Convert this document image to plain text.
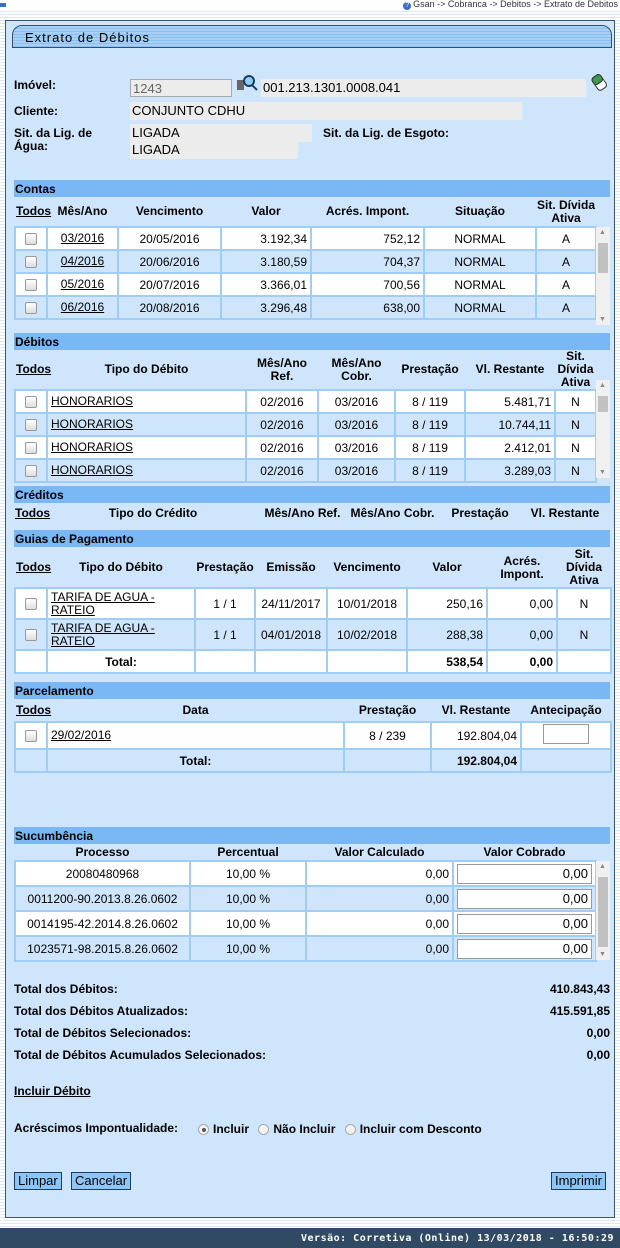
? Gsan -> Cobranca -> Debitos -> Extrato de Debitos
Extrato de Débitos
Imóvel:	1243	001.213.1301.0008.041
Cliente:	CONJUNTO CDHU
Sit. da Lig. de Água:
LIGADA	Sit. da Lig. de Esgoto:
LIGADA
Contas
Todos	Mês/Ano	Vencimento	Valor	Acrés. Impont.	Situação	Sit. Dívida Ativa	
	03/2016	20/05/2016	3.192,34	752,12	NORMAL	A	
	04/2016	20/06/2016	3.180,59	704,37	NORMAL	A	
	05/2016	20/07/2016	3.366,01	700,56	NORMAL	A	
	06/2016	20/08/2016	3.296,48	638,00	NORMAL	A	
▲
▼
Débitos
Todos	Tipo do Débito	Mês/Ano Ref.	Mês/Ano Cobr.	Prestação	Vl. Restante	Sit. Dívida Ativa	
	HONORARIOS	02/2016	03/2016	8 / 119	5.481,71	N	
	HONORARIOS	02/2016	03/2016	8 / 119	10.744,11	N	
	HONORARIOS	02/2016	03/2016	8 / 119	2.412,01	N	
	HONORARIOS	02/2016	03/2016	8 / 119	3.289,03	N	
▲
▼
Créditos
Todos	Tipo do Crédito	Mês/Ano Ref.	Mês/Ano Cobr.	Prestação	Vl. Restante
Guias de Pagamento
Todos	Tipo do Débito	Prestação	Emissão	Vencimento	Valor	Acrés. Impont.	Sit. Dívida Ativa
	TARIFA DE AGUA - RATEIO	1 / 1	24/11/2017	10/01/2018	250,16	0,00	N
	TARIFA DE AGUA - RATEIO	1 / 1	04/01/2018	10/02/2018	288,38	0,00	N
	Total:				538,54	0,00	
Parcelamento
Todos	Data	Prestação	Vl. Restante	Antecipação
	29/02/2016	8 / 239	192.804,04	
	Total:		192.804,04	
Sucumbência
Processo	Percentual	Valor Calculado	Valor Cobrado	
20080480968	10,00 %	0,00	0,00	
0011200-90.2013.8.26.0602	10,00 %	0,00	0,00	
0014195-42.2014.8.26.0602	10,00 %	0,00	0,00	
1023571-98.2015.8.26.0602	10,00 %	0,00	0,00	
▲
▼
Total dos Débitos:	410.843,43
Total dos Débitos Atualizados:	415.591,85
Total de Débitos Selecionados:	0,00
Total de Débitos Acumulados Selecionados:	0,00
Incluir Débito
Acréscimos Impontualidade:	Incluir Não Incluir Incluir com Desconto
Limpar	Cancelar	Imprimir
Versão: Corretiva (Online) 13/03/2018 - 16:50:29
